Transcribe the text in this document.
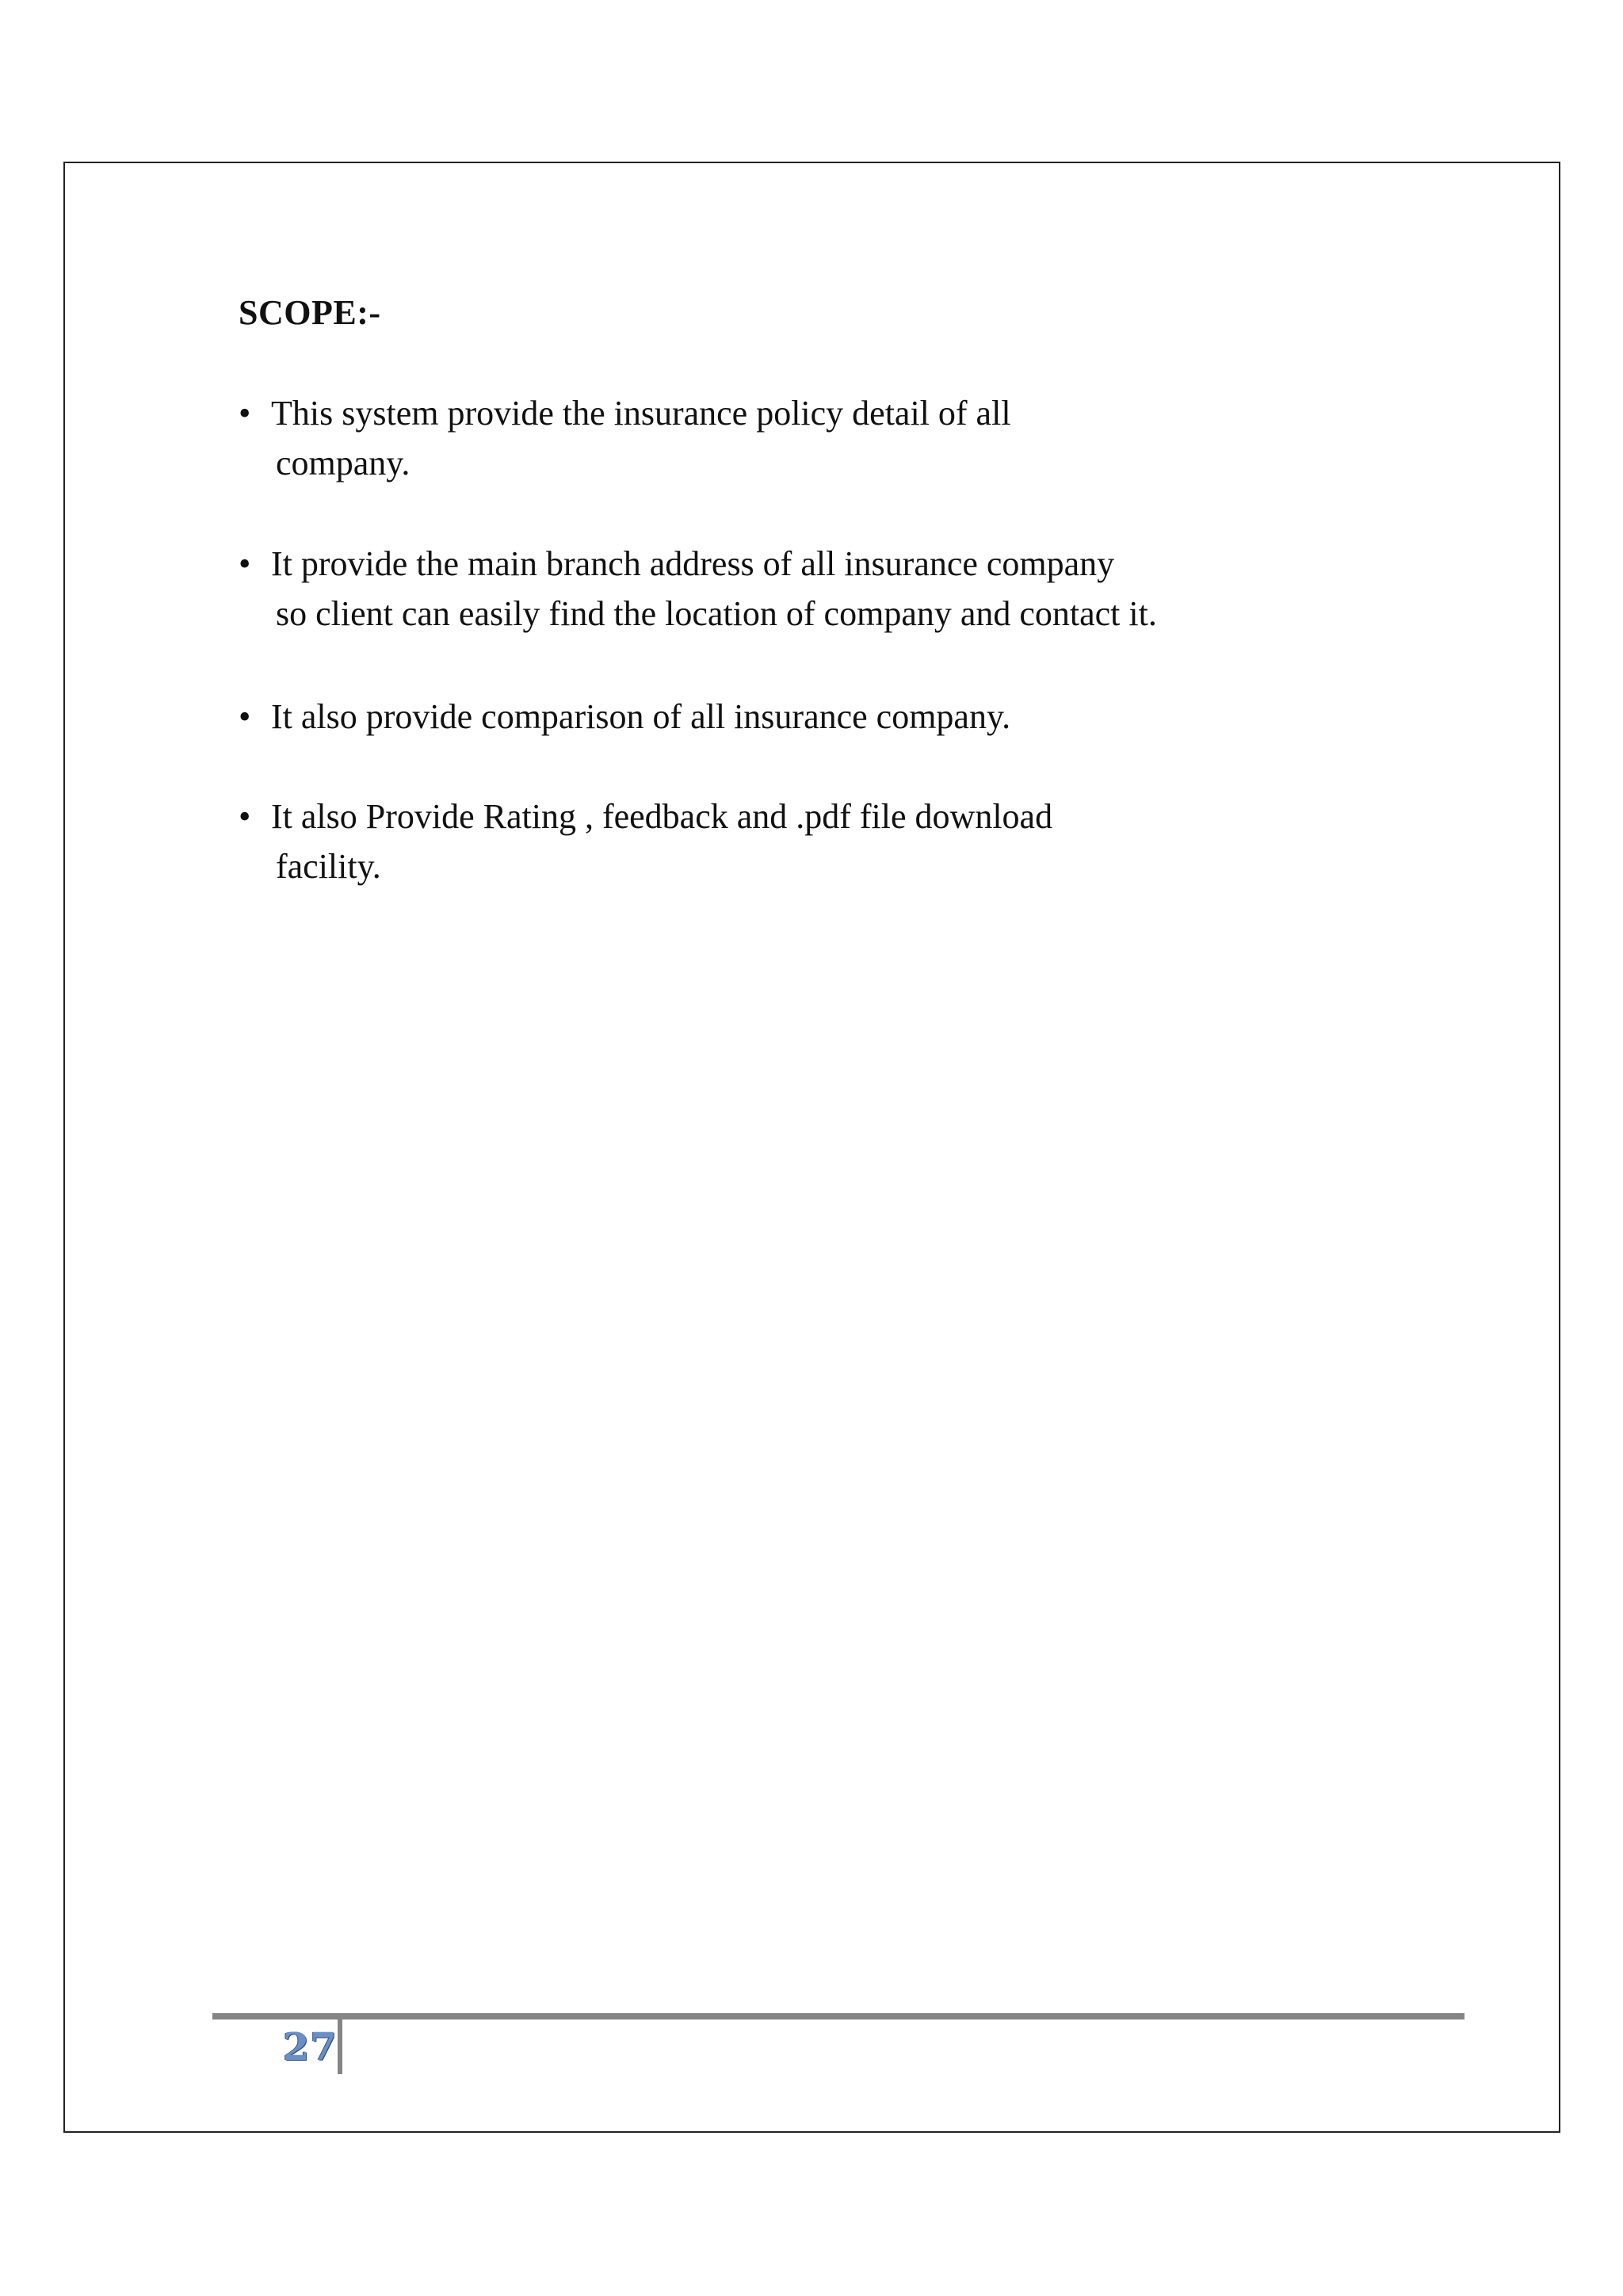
SCOPE:-
• This system provide the insurance policy detail of all
company.
• It provide the main branch address of all insurance company
so client can easily find the location of company and contact it.
• It also provide comparison of all insurance company.
• It also Provide Rating , feedback and .pdf file download
facility.
27
